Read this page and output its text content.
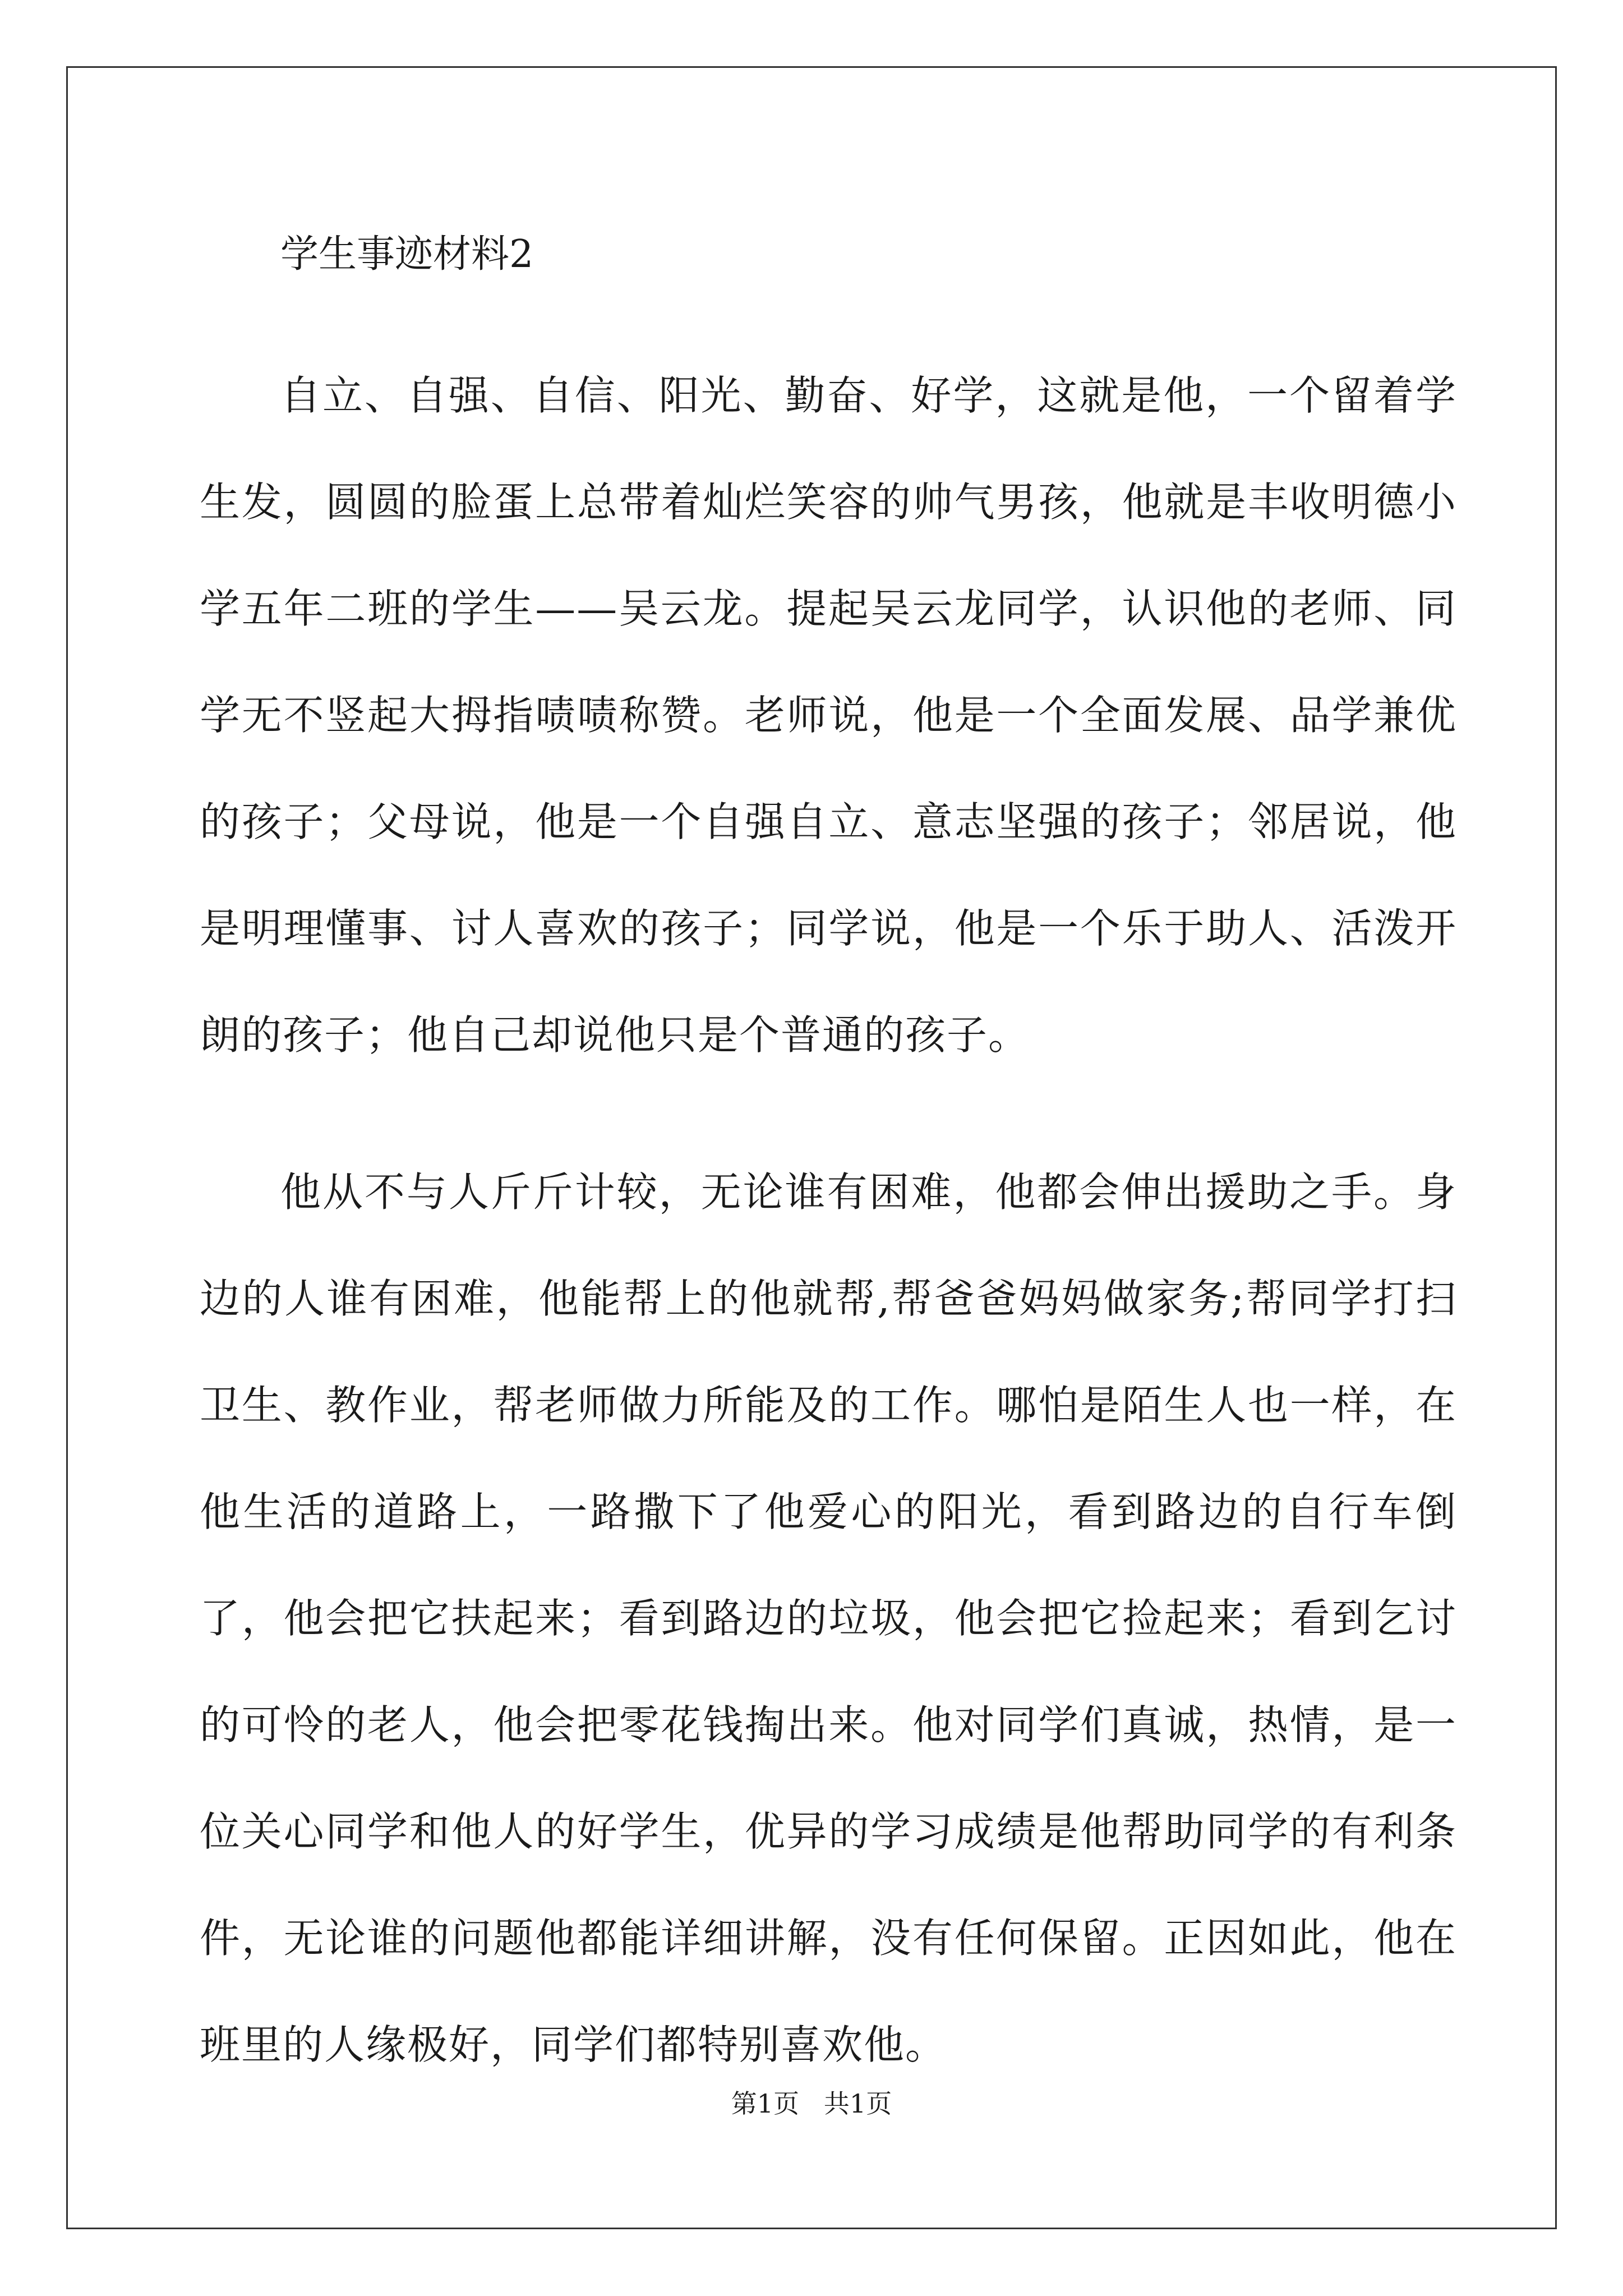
学生事迹材料2

自立、自强、自信、阳光、勤奋、好学，这就是他，一个留着学生发，圆圆的脸蛋上总带着灿烂笑容的帅气男孩，他就是丰收明德小学五年二班的学生——吴云龙。提起吴云龙同学，认识他的老师、同学无不竖起大拇指啧啧称赞。老师说，他是一个全面发展、品学兼优的孩子；父母说，他是一个自强自立、意志坚强的孩子；邻居说，他是明理懂事、讨人喜欢的孩子；同学说，他是一个乐于助人、活泼开朗的孩子；他自己却说他只是个普通的孩子。

他从不与人斤斤计较，无论谁有困难，他都会伸出援助之手。身边的人谁有困难，他能帮上的他就帮,帮爸爸妈妈做家务;帮同学打扫卫生、教作业，帮老师做力所能及的工作。哪怕是陌生人也一样，在他生活的道路上，一路撒下了他爱心的阳光，看到路边的自行车倒了，他会把它扶起来；看到路边的垃圾，他会把它捡起来；看到乞讨的可怜的老人，他会把零花钱掏出来。他对同学们真诚，热情，是一位关心同学和他人的好学生，优异的学习成绩是他帮助同学的有利条件，无论谁的问题他都能详细讲解，没有任何保留。正因如此，他在班里的人缘极好，同学们都特别喜欢他。

第1页   共1页
